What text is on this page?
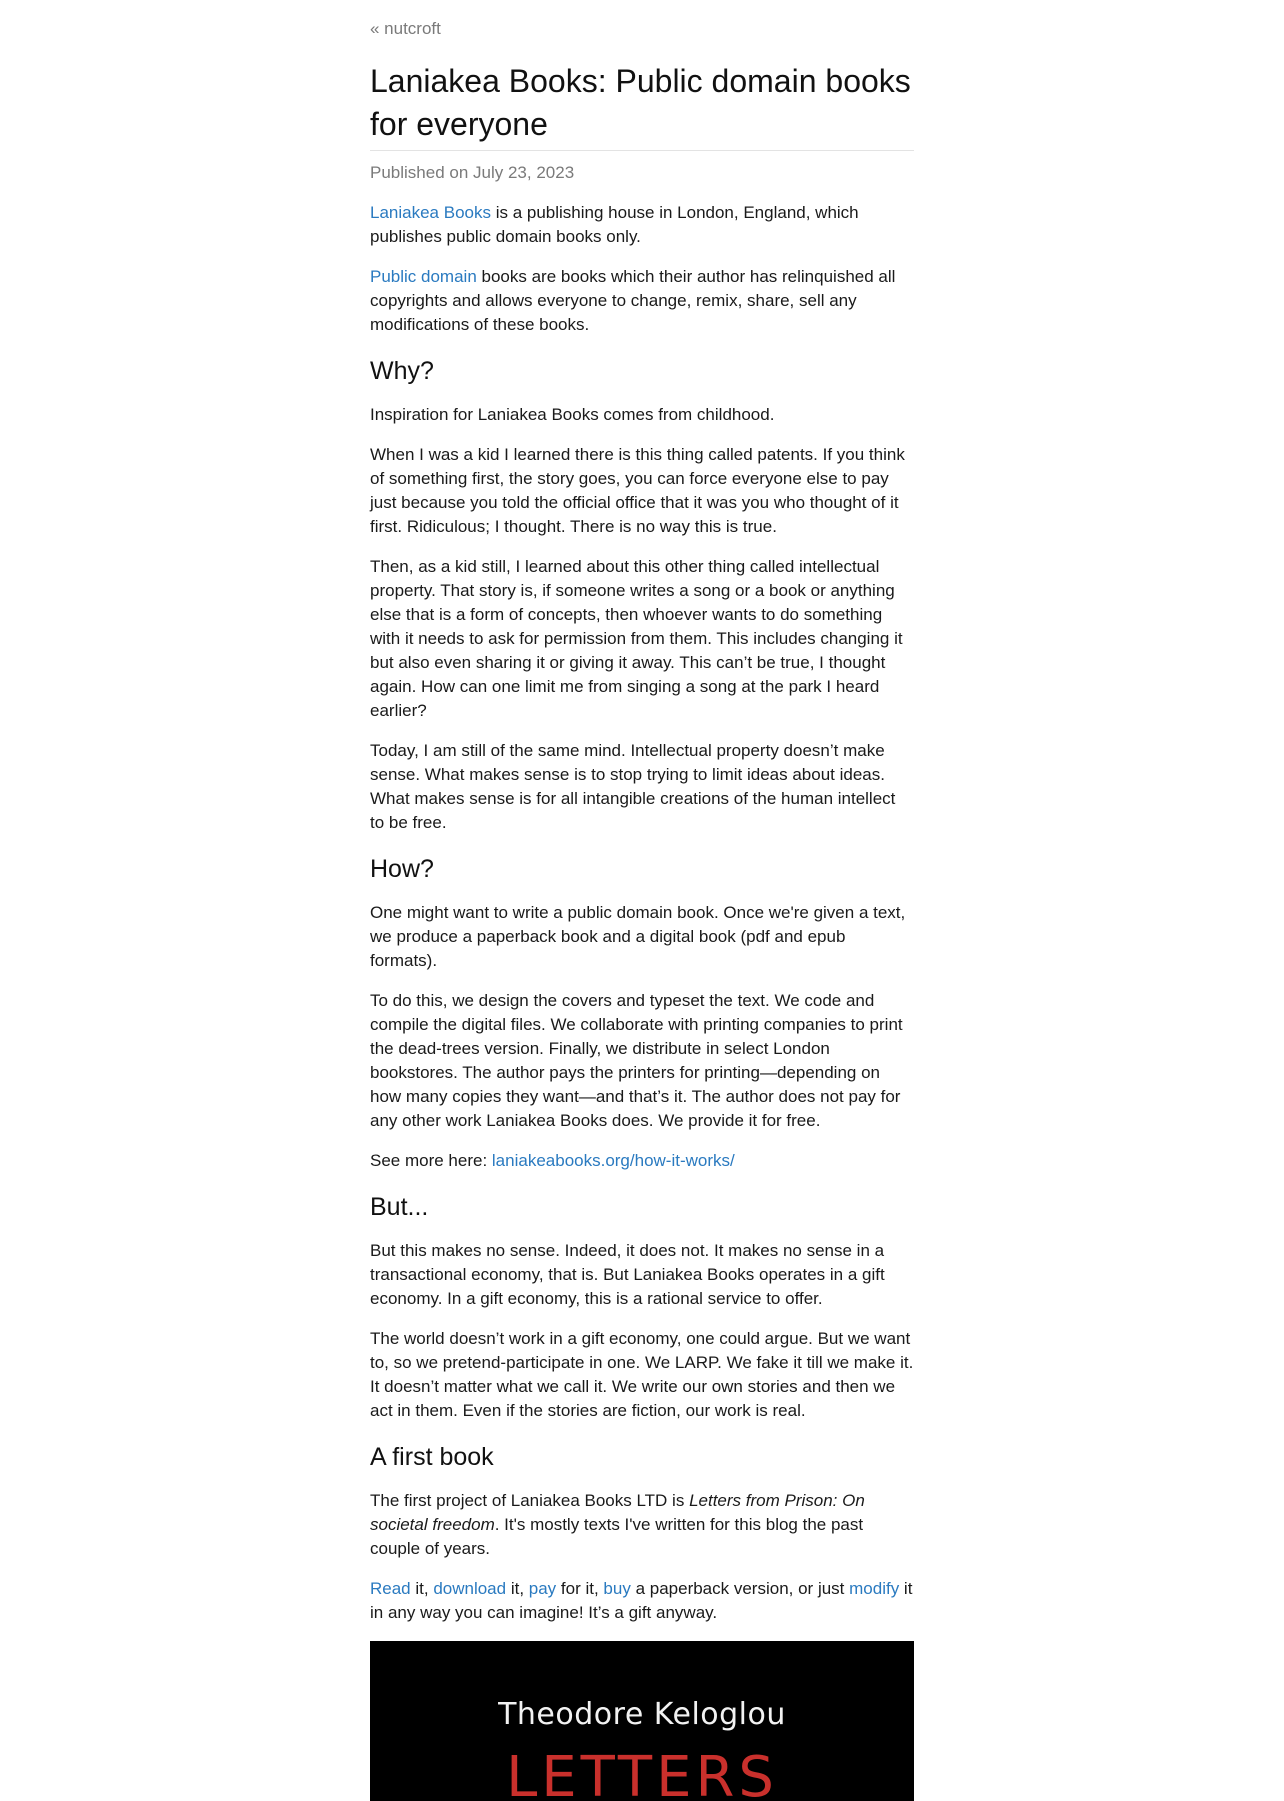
« nutcroft
Laniakea Books: Public domain books for everyone
Published on July 23, 2023

Laniakea Books is a publishing house in London, England, which publishes public domain books only.

Public domain books are books which their author has relinquished all copyrights and allows everyone to change, remix, share, sell any modifications of these books.

Why?

Inspiration for Laniakea Books comes from childhood.

When I was a kid I learned there is this thing called patents. If you think of something first, the story goes, you can force everyone else to pay just because you told the official office that it was you who thought of it first. Ridiculous; I thought. There is no way this is true.

Then, as a kid still, I learned about this other thing called intellectual property. That story is, if someone writes a song or a book or anything else that is a form of concepts, then whoever wants to do something with it needs to ask for permission from them. This includes changing it but also even sharing it or giving it away. This can’t be true, I thought again. How can one limit me from singing a song at the park I heard earlier?

Today, I am still of the same mind. Intellectual property doesn’t make sense. What makes sense is to stop trying to limit ideas about ideas. What makes sense is for all intangible creations of the human intellect to be free.

How?

One might want to write a public domain book. Once we're given a text, we produce a paperback book and a digital book (pdf and epub formats).

To do this, we design the covers and typeset the text. We code and compile the digital files. We collaborate with printing companies to print the dead-trees version. Finally, we distribute in select London bookstores. The author pays the printers for printing—depending on how many copies they want—and that’s it. The author does not pay for any other work Laniakea Books does. We provide it for free.

See more here: laniakeabooks.org/how-it-works/

But...

But this makes no sense. Indeed, it does not. It makes no sense in a transactional economy, that is. But Laniakea Books operates in a gift economy. In a gift economy, this is a rational service to offer.

The world doesn’t work in a gift economy, one could argue. But we want to, so we pretend-participate in one. We LARP. We fake it till we make it. It doesn’t matter what we call it. We write our own stories and then we act in them. Even if the stories are fiction, our work is real.

A first book

The first project of Laniakea Books LTD is Letters from Prison: On societal freedom. It's mostly texts I've written for this blog the past couple of years.

Read it, download it, pay for it, buy a paperback version, or just modify it in any way you can imagine! It’s a gift anyway.

Theodore Keloglou
LETTERS
